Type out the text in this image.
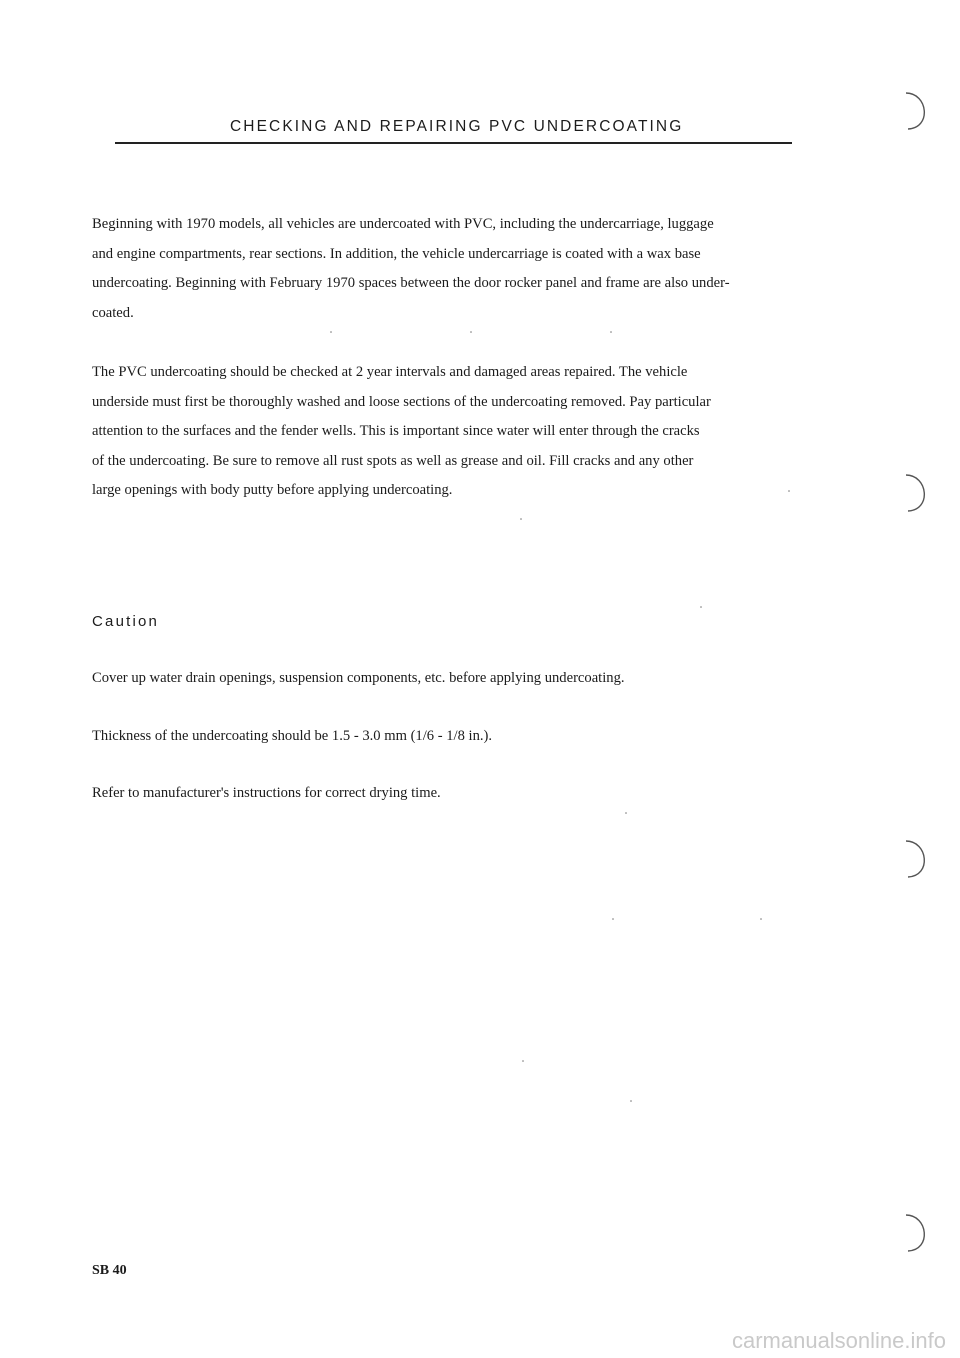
CHECKING AND REPAIRING PVC UNDERCOATING

Beginning with 1970 models, all vehicles are undercoated with PVC, including the undercarriage, luggage
and engine compartments, rear sections. In addition, the vehicle undercarriage is coated with a wax base
undercoating. Beginning with February 1970 spaces between the door rocker panel and frame are also under-
coated.

The PVC undercoating should be checked at 2 year intervals and damaged areas repaired. The vehicle
underside must first be thoroughly washed and loose sections of the undercoating removed. Pay particular
attention to the surfaces and the fender wells. This is important since water will enter through the cracks
of the undercoating. Be sure to remove all rust spots as well as grease and oil. Fill cracks and any other
large openings with body putty before applying undercoating.

Caution
Cover up water drain openings, suspension components, etc. before applying undercoating.
Thickness of the undercoating should be 1.5 - 3.0 mm (1/6 - 1/8 in.).
Refer to manufacturer's instructions for correct drying time.
SB 40
carmanualsonline.info
